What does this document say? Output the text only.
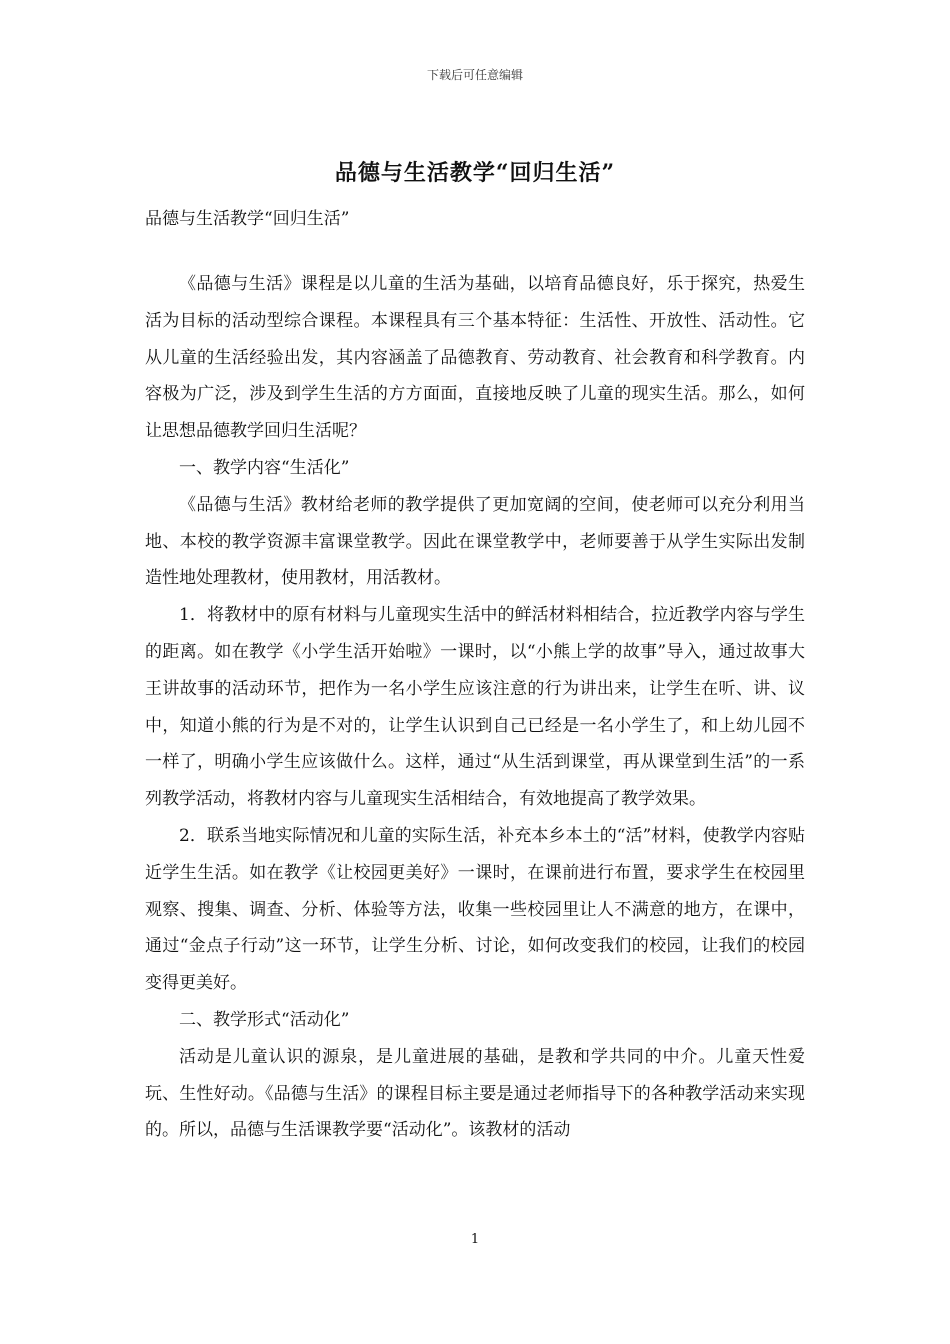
下载后可任意编辑
品德与生活教学“回归生活”
品德与生活教学“回归生活”

《品德与生活》课程是以儿童的生活为基础，以培育品德良好，乐于探究，热爱生活为目标的活动型综合课程。本课程具有三个基本特征：生活性、开放性、活动性。它从儿童的生活经验出发，其内容涵盖了品德教育、劳动教育、社会教育和科学教育。内容极为广泛，涉及到学生生活的方方面面，直接地反映了儿童的现实生活。那么，如何让思想品德教学回归生活呢？

一、教学内容“生活化”

《品德与生活》教材给老师的教学提供了更加宽阔的空间，使老师可以充分利用当地、本校的教学资源丰富课堂教学。因此在课堂教学中，老师要善于从学生实际出发制造性地处理教材，使用教材，用活教材。

1．将教材中的原有材料与儿童现实生活中的鲜活材料相结合，拉近教学内容与学生的距离。如在教学《小学生活开始啦》一课时，以“小熊上学的故事”导入，通过故事大王讲故事的活动环节，把作为一名小学生应该注意的行为讲出来，让学生在听、讲、议中，知道小熊的行为是不对的，让学生认识到自己已经是一名小学生了，和上幼儿园不一样了，明确小学生应该做什么。这样，通过“从生活到课堂，再从课堂到生活”的一系列教学活动，将教材内容与儿童现实生活相结合，有效地提高了教学效果。

2．联系当地实际情况和儿童的实际生活，补充本乡本土的“活”材料，使教学内容贴近学生生活。如在教学《让校园更美好》一课时，在课前进行布置，要求学生在校园里观察、搜集、调查、分析、体验等方法，收集一些校园里让人不满意的地方，在课中，通过“金点子行动”这一环节，让学生分析、讨论，如何改变我们的校园，让我们的校园变得更美好。

二、教学形式“活动化”

活动是儿童认识的源泉，是儿童进展的基础，是教和学共同的中介。儿童天性爱玩、生性好动。《品德与生活》的课程目标主要是通过老师指导下的各种教学活动来实现的。所以，品德与生活课教学要“活动化”。该教材的活动

1
